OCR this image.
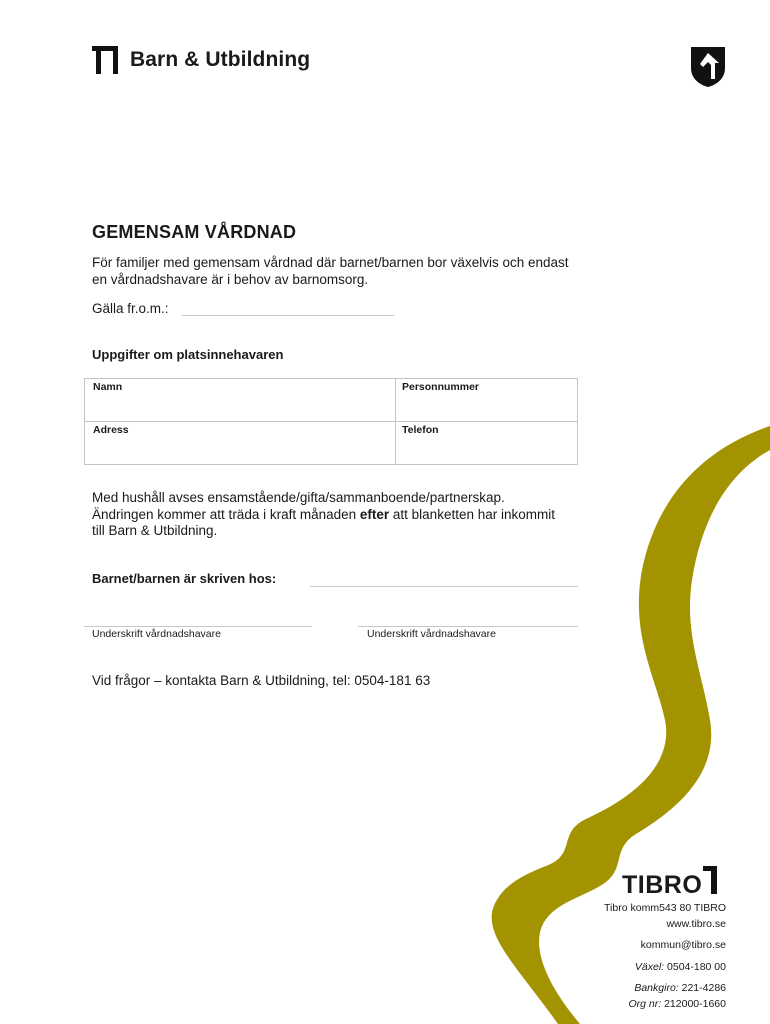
Barn & Utbildning
GEMENSAM VÅRDNAD
För familjer med gemensam vårdnad där barnet/barnen bor växelvis och endast en vårdnadshavare är i behov av barnomsorg.
Gälla fr.o.m.:
Uppgifter om platsinnehavaren
Namn	Personnummer
Adress	Telefon
Med hushåll avses ensamstående/gifta/sammanboende/partnerskap. Ändringen kommer att träda i kraft månaden efter att blanketten har inkommit till Barn & Utbildning.
Barnet/barnen är skriven hos:
Underskrift vårdnadshavare	Underskrift vårdnadshavare
Vid frågor – kontakta Barn & Utbildning, tel: 0504-181 63
TIBRO
Tibro komm543 80 TIBRO
www.tibro.se
kommun@tibro.se
Växel: 0504-180 00
Bankgiro: 221-4286
Org nr: 212000-1660
